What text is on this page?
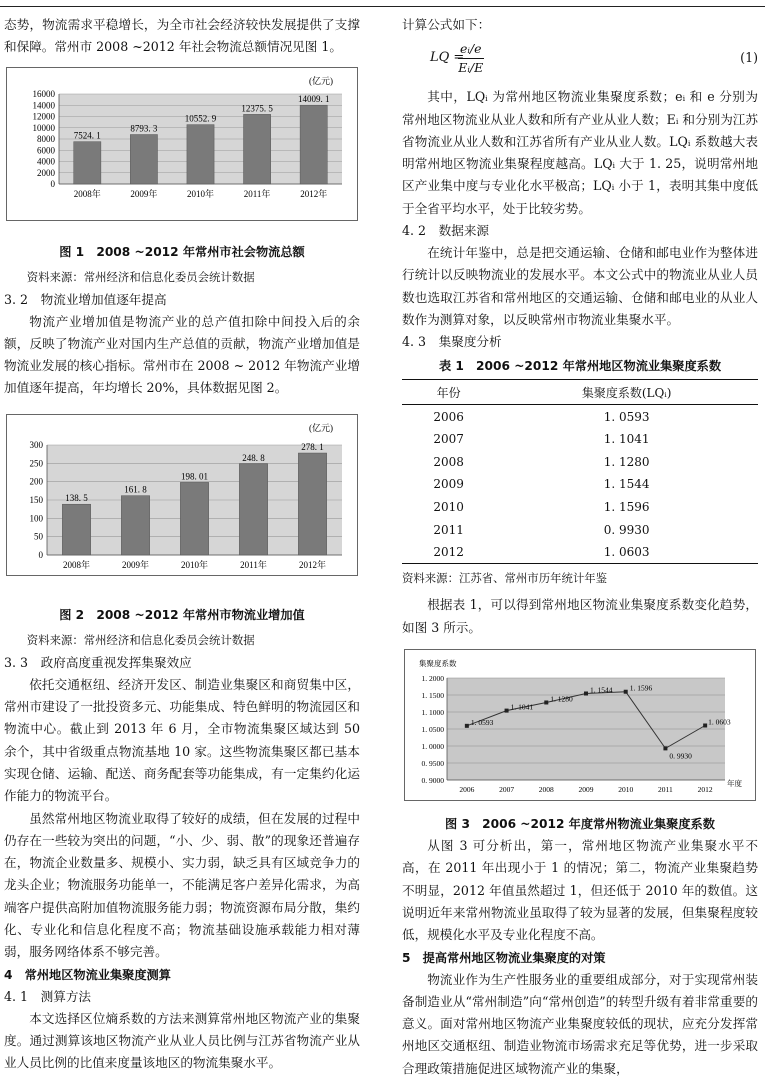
态势，物流需求平稳增长，为全市社会经济较快发展提供了支撑和保障。常州市 2008 ~2012 年社会物流总额情况见图 1。

0
2000
4000
6000
8000
10000
12000
14000
16000
7524. 1
2008年
8793. 3
2009年
10552. 9
2010年
12375. 5
2011年
14009. 1
2012年
(亿元)
图 1　2008 ~2012 年常州市社会物流总额

资料来源：常州经济和信息化委员会统计数据

3. 2　物流业增加值逐年提高

物流产业增加值是物流产业的总产值扣除中间投入后的余额，反映了物流产业对国内生产总值的贡献，物流产业增加值是物流业发展的核心指标。常州市在 2008 ~ 2012 年物流产业增加值逐年提高，年均增长 20%，具体数据见图 2。

0
50
100
150
200
250
300
138. 5
2008年
161. 8
2009年
198. 01
2010年
248. 8
2011年
278. 1
2012年
(亿元)
图 2　2008 ~2012 年常州市物流业增加值

资料来源：常州经济和信息化委员会统计数据

3. 3　政府高度重视发挥集聚效应

依托交通枢纽、经济开发区、制造业集聚区和商贸集中区，常州市建设了一批投资多元、功能集成、特色鲜明的物流园区和物流中心。截止到 2013 年 6 月，全市物流集聚区域达到 50 余个，其中省级重点物流基地 10 家。这些物流集聚区都已基本实现仓储、运输、配送、商务配套等功能集成，有一定集约化运作能力的物流平台。

虽然常州地区物流业取得了较好的成绩，但在发展的过程中仍存在一些较为突出的问题，“小、少、弱、散”的现象还普遍存在，物流企业数量多、规模小、实力弱，缺乏具有区域竞争力的龙头企业；物流服务功能单一，不能满足客户差异化需求，为高端客户提供高附加值物流服务能力弱；物流资源布局分散，集约化、专业化和信息化程度不高；物流基础设施承载能力相对薄弱，服务网络体系不够完善。

4　常州地区物流业集聚度测算

4. 1　测算方法

本文选择区位熵系数的方法来测算常州地区物流产业的集聚度。通过测算该地区物流产业从业人员比例与江苏省物流产业从业人员比例的比值来度量该地区的物流集聚水平。

计算公式如下：

LQ =
$\frac{\text{eᵢ/e}}{\text{Eᵢ/E}}$	(1)

其中，LQᵢ 为常州地区物流业集聚度系数；eᵢ 和 e 分别为常州地区物流业从业人数和所有产业从业人数；Eᵢ 和分别为江苏省物流业从业人数和江苏省所有产业从业人数。LQᵢ 系数越大表明常州地区物流业集聚程度越高。LQᵢ 大于 1. 25，说明常州地区产业集中度与专业化水平极高；LQᵢ 小于 1，表明其集中度低于全省平均水平，处于比较劣势。

4. 2　数据来源

在统计年鉴中，总是把交通运输、仓储和邮电业作为整体进行统计以反映物流业的发展水平。本文公式中的物流业从业人员数也选取江苏省和常州地区的交通运输、仓储和邮电业的从业人数作为测算对象，以反映常州市物流业集聚水平。

4. 3　集聚度分析

表 1　2006 ~2012 年常州地区物流业集聚度系数
年份	集聚度系数(LQᵢ)
2006	1. 0593
2007	1. 1041
2008	1. 1280
2009	1. 1544
2010	1. 1596
2011	0. 9930
2012	1. 0603

资料来源：江苏省、常州市历年统计年鉴

根据表 1，可以得到常州地区物流业集聚度系数变化趋势，如图 3 所示。

0. 9000
0. 9500
1. 0000
1. 0500
1. 1000
1. 1500
1. 2000
1. 0593
2006
1. 1041
2007
1. 1280
2008
1. 1544
2009
1. 1596
2010
0. 9930
2011
1. 0603
2012
集聚度系数
年度
图 3　2006 ~2012 年度常州物流业集聚度系数

从图 3 可分析出，第一，常州地区物流产业集聚水平不高，在 2011 年出现小于 1 的情况；第二，物流产业集聚趋势不明显，2012 年值虽然超过 1，但还低于 2010 年的数值。这说明近年来常州物流业虽取得了较为显著的发展，但集聚程度较低，规模化水平及专业化程度不高。

5　提高常州地区物流业集聚度的对策

物流业作为生产性服务业的重要组成部分，对于实现常州装备制造业从“常州制造”向“常州创造”的转型升级有着非常重要的意义。面对常州地区物流产业集聚度较低的现状，应充分发挥常州地区交通枢纽、制造业物流市场需求充足等优势，进一步采取合理政策措施促进区域物流产业的集聚，
